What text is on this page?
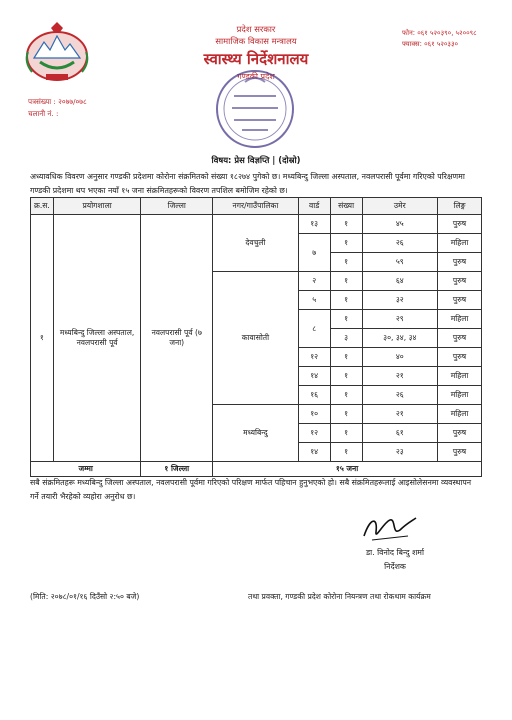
प्रदेश सरकार
सामाजिक विकास मन्त्रालय
स्वास्थ्य निर्देशनालय
गण्डकी प्रदेश
फोन: ०६१ ५२०३९०, ५२००९८
फ्याक्स: ०६१ ५२०३३०
पत्रसंख्या : २०७७/०७८
चलानी नं. :
विषय: प्रेस विज्ञप्ति | (दोस्रो)
अध्यावधिक विवरण अनुसार गण्डकी प्रदेशमा कोरोना संक्रमितको संख्या १८२७४ पुगेको छ। मध्यबिन्दु जिल्ला अस्पताल, नवलपरासी पूर्वमा गरिएको परिक्षणमा गण्डकी प्रदेशमा थप भएका नयाँ १५ जना संक्रमितहरूको विवरण तपशिल बमोजिम रहेको छ।
क्र.स.	प्रयोगशाला	जिल्ला	नगर/गाउँपालिका	वार्ड	संख्या	उमेर	लिङ्ग
१	मध्यबिन्दु जिल्ला अस्पताल, नवलपरासी पूर्व	नवलपरासी पूर्व (७ जना)	देवचुली	१३	१	४५	पुरुष
				७	१	२६	महिला
					१	५९	पुरुष
			कावासोती	२	१	६४	पुरुष
				५	१	३२	पुरुष
				८	१	२९	महिला
					३	३०, ३४, ३४	पुरुष
				१२	१	४०	पुरुष
				१४	१	२१	महिला
				१६	१	२६	महिला
			मध्यबिन्दु	१०	१	२१	महिला
				१२	१	६१	पुरुष
				१४	१	२३	पुरुष
जम्मा		१ जिल्ला	१५ जना				
सबै संक्रमितहरू मध्यबिन्दु जिल्ला अस्पताल, नवलपरासी पूर्वमा गरिएको परिक्षण मार्फत पहिचान हुनुभएको हो। सबै संक्रमितहरूलाई आइसोलेसनमा व्यवस्थापन गर्ने तयारी भैरहेको व्यहोरा अनुरोध छ।
डा. विनोद बिन्दु शर्मा
निर्देशक
(मिति: २०७८/०१/१६ दिउँसो २:५० बजे)	तथा प्रवक्ता, गण्डकी प्रदेश कोरोना नियन्त्रण तथा रोकथाम कार्यक्रम
